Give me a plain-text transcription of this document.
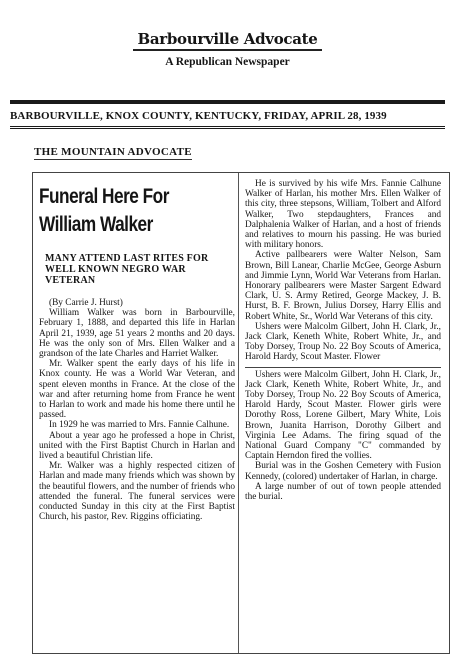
Barbourville Advocate
A Republican Newspaper
BARBOURVILLE, KNOX COUNTY, KENTUCKY, FRIDAY, APRIL 28, 1939
THE MOUNTAIN ADVOCATE
Funeral Here For
William Walker
MANY ATTEND LAST RITES FOR WELL KNOWN NEGRO WAR VETERAN

(By Carrie J. Hurst)

William Walker was born in Barbourville, February 1, 1888, and departed this life in Harlan April 21, 1939, age 51 years 2 months and 20 days. He was the only son of Mrs. Ellen Walker and a grandson of the late Charles and Harriet Walker.

Mr. Walker spent the early days of his life in Knox county. He was a World War Veteran, and spent eleven months in France. At the close of the war and after returning home from France he went to Harlan to work and made his home there until he passed.

In 1929 he was married to Mrs. Fannie Calhune.

About a year ago he professed a hope in Christ, united with the First Baptist Church in Harlan and lived a beautiful Christian life.

Mr. Walker was a highly respected citizen of Harlan and made many friends which was shown by the beautiful flowers, and the number of friends who attended the funeral. The funeral services were conducted Sunday in this city at the First Baptist Church, his pastor, Rev. Riggins officiating.

He is survived by his wife Mrs. Fannie Calhune Walker of Harlan, his mother Mrs. Ellen Walker of this city, three stepsons, William, Tolbert and Alford Walker, Two stepdaughters, Frances and Dalphalenia Walker of Harlan, and a host of friends and relatives to mourn his passing. He was buried with military honors.

Active pallbearers were Walter Nelson, Sam Brown, Bill Lanear, Charlie McGee, George Asburn and Jimmie Lynn, World War Veterans from Harlan. Honorary pallbearers were Master Sargent Edward Clark, U. S. Army Retired, George Mackey, J. B. Hurst, B. F. Brown, Julius Dorsey, Harry Ellis and Robert White, Sr., World War Veterans of this city.

Ushers were Malcolm Gilbert, John H. Clark, Jr., Jack Clark, Keneth White, Robert White, Jr., and Toby Dorsey, Troup No. 22 Boy Scouts of America, Harold Hardy, Scout Master. Flower

Ushers were Malcolm Gilbert, John H. Clark, Jr., Jack Clark, Keneth White, Robert White, Jr., and Toby Dorsey, Troup No. 22 Boy Scouts of America, Harold Hardy, Scout Master. Flower girls were Dorothy Ross, Lorene Gilbert, Mary White, Lois Brown, Juanita Harrison, Dorothy Gilbert and Virginia Lee Adams. The firing squad of the National Guard Company "C" commanded by Captain Herndon fired the vollies.

Burial was in the Goshen Cemetery with Fusion Kennedy, (colored) undertaker of Harlan, in charge.

A large number of out of town people attended the burial.
